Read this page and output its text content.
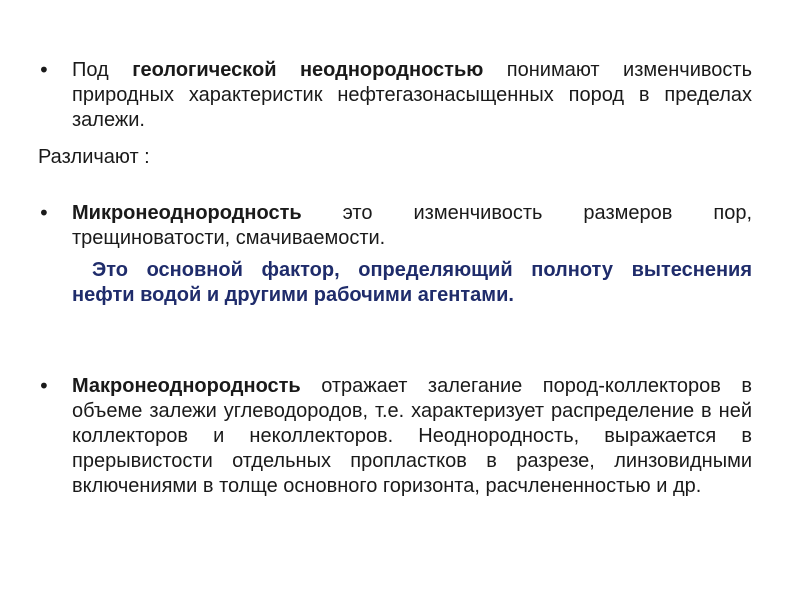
• Под геологической неоднородностью понимают изменчивость природных характеристик нефтегазонасыщенных пород в пределах залежи.
Различают :
• Микронеоднородность это изменчивость размеров пор, трещиноватости, смачиваемости.
Это основной фактор, определяющий полноту вытеснения нефти водой и другими рабочими агентами.
• Макронеоднородность отражает залегание пород-коллекторов в объеме залежи углеводородов, т.е. характеризует распределение в ней коллекторов и неколлекторов. Неоднородность, выражается в прерывистости отдельных пропластков в разрезе, линзовидными включениями в толще основного горизонта, расчлененностью и др.
